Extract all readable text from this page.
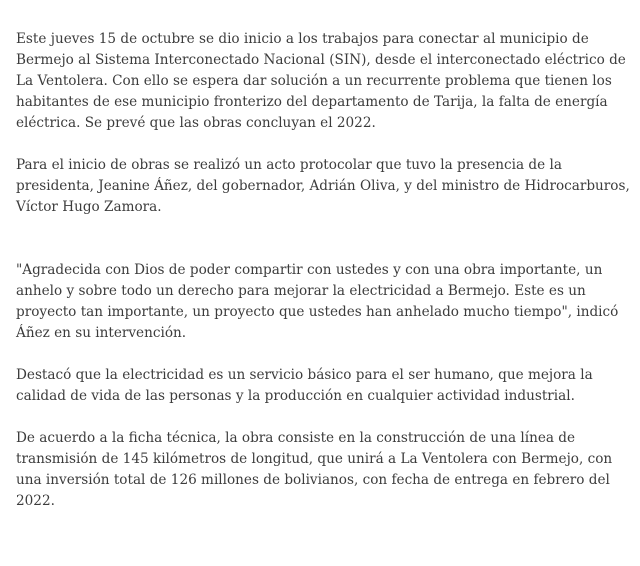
Este jueves 15 de octubre se dio inicio a los trabajos para conectar al municipio de Bermejo al Sistema Interconectado Nacional (SIN), desde el interconectado eléctrico de La Ventolera. Con ello se espera dar solución a un recurrente problema que tienen los habitantes de ese municipio fronterizo del departamento de Tarija, la falta de energía eléctrica. Se prevé que las obras concluyan el 2022.

Para el inicio de obras se realizó un acto protocolar que tuvo la presencia de la presidenta, Jeanine Áñez, del gobernador, Adrián Oliva, y del ministro de Hidrocarburos, Víctor Hugo Zamora.

"Agradecida con Dios de poder compartir con ustedes y con una obra importante, un anhelo y sobre todo un derecho para mejorar la electricidad a Bermejo. Este es un proyecto tan importante, un proyecto que ustedes han anhelado mucho tiempo", indicó Áñez en su intervención.

Destacó que la electricidad es un servicio básico para el ser humano, que mejora la calidad de vida de las personas y la producción en cualquier actividad industrial.

De acuerdo a la ficha técnica, la obra consiste en la construcción de una línea de transmisión de 145 kilómetros de longitud, que unirá a La Ventolera con Bermejo, con una inversión total de 126 millones de bolivianos, con fecha de entrega en febrero del 2022.
